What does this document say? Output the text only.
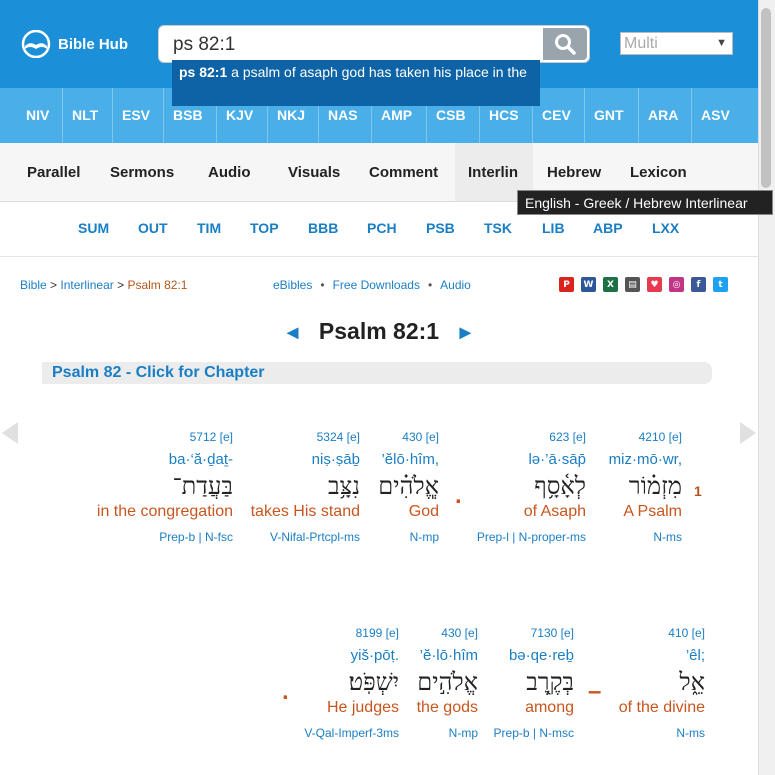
Bible Hub ps 82:1	Multi	▼
ps 82:1 a psalm of asaph god has taken his place in the
NIV NLT ESV BSB KJV NKJ NAS AMP CSB HCS CEV GNT ARA ASV
Parallel Sermons Audio	Visuals Comment Interlin Hebrew Lexicon
English - Greek / Hebrew Interlinear
SUM OUT TIM TOP BBB PCH PSB TSK LIB ABP LXX
Bible > Interlinear > Psalm 82:1	eBibles • Free Downloads • Audio	P	W	X	▤	♥	◎	f	t
◄ Psalm 82:1 ►
Psalm 82 - Click for Chapter
1
.
–
.
4210 [e]
miz·mō·wr,
מִזְמ֗וֹר
A Psalm
N-ms
623 [e]
lə·’ā·sāp̄
לְאָ֫סָ֥ף
of Asaph
Prep-l | N-proper-ms
430 [e]
’ĕlō·hîm,
אֱ‍ֽלֹהִ֗ים
God
N-mp
5324 [e]
niṣ·ṣāḇ
נִצָּ֥ב
takes His stand
V-Nifal-Prtcpl-ms
5712 [e]
ba·‘ă·ḏaṯ-
בַּעֲדַת־
in the congregation
Prep-b | N-fsc
410 [e]
’êl;
אֵ֑ל
of the divine
N-ms
7130 [e]
bə·qe·reḇ
בְּקֶ֖רֶב
among
Prep-b | N-msc
430 [e]
’ĕ·lō·hîm
אֱלֹהִ֣ים
the gods
N-mp
8199 [e]
yiš·pōṭ.
יִשְׁפֹּֽט׃
He judges
V-Qal-Imperf-3ms
